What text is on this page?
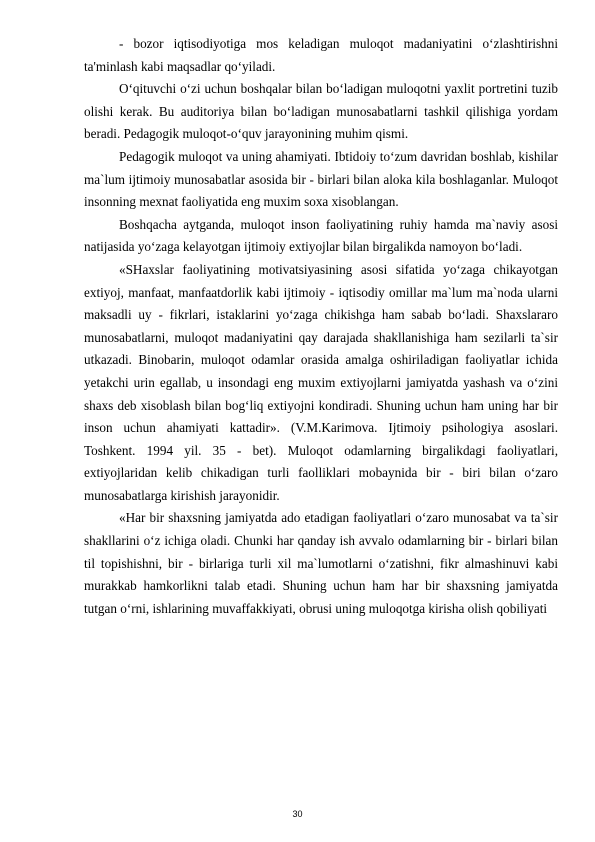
- bozor iqtisodiyotiga mos keladigan muloqot madaniyatini o‘zlashtirishni ta'minlash kabi maqsadlar qo‘yiladi.

O‘qituvchi o‘zi uchun boshqalar bilan bo‘ladigan muloqotni yaxlit portretini tuzib olishi kerak. Bu auditoriya bilan bo‘ladigan munosabatlarni tashkil qilishiga yordam beradi. Pedagogik muloqot-o‘quv jarayonining muhim qismi.

Pedagogik muloqot va uning ahamiyati. Ibtidoiy to‘zum davridan boshlab, kishilar ma`lum ijtimoiy munosabatlar asosida bir - birlari bilan aloka kila boshlaganlar. Muloqot insonning mexnat faoliyatida eng muxim soxa xisoblangan.

Boshqacha aytganda, muloqot inson faoliyatining ruhiy hamda ma`naviy asosi natijasida yo‘zaga kelayotgan ijtimoiy extiyojlar bilan birgalikda namoyon bo‘ladi.

«SHaxslar faoliyatining motivatsiyasining asosi sifatida yo‘zaga chikayotgan extiyoj, manfaat, manfaatdorlik kabi ijtimoiy - iqtisodiy omillar ma`lum ma`noda ularni maksadli uy - fikrlari, istaklarini yo‘zaga chikishga ham sabab bo‘ladi. Shaxslararo munosabatlarni, muloqot madaniyatini qay darajada shakllanishiga ham sezilarli ta`sir utkazadi. Binobarin, muloqot odamlar orasida amalga oshiriladigan faoliyatlar ichida yetakchi urin egallab, u insondagi eng muxim extiyojlarni jamiyatda yashash va o‘zini shaxs deb xisoblash bilan bog‘liq extiyojni kondiradi. Shuning uchun ham uning har bir inson uchun ahamiyati kattadir». (V.M.Karimova. Ijtimoiy psihologiya asoslari. Toshkent. 1994 yil. 35 - bet). Muloqot odamlarning birgalikdagi faoliyatlari, extiyojlaridan kelib chikadigan turli faolliklari mobaynida bir - biri bilan o‘zaro munosabatlarga kirishish jarayonidir.

«Har bir shaxsning jamiyatda ado etadigan faoliyatlari o‘zaro munosabat va ta`sir shakllarini o‘z ichiga oladi. Chunki har qanday ish avvalo odamlarning bir - birlari bilan til topishishni, bir - birlariga turli xil ma`lumotlarni o‘zatishni, fikr almashinuvi kabi murakkab hamkorlikni talab etadi. Shuning uchun ham har bir shaxsning jamiyatda tutgan o‘rni, ishlarining muvaffakkiyati, obrusi uning muloqotga kirisha olish qobiliyati

30
